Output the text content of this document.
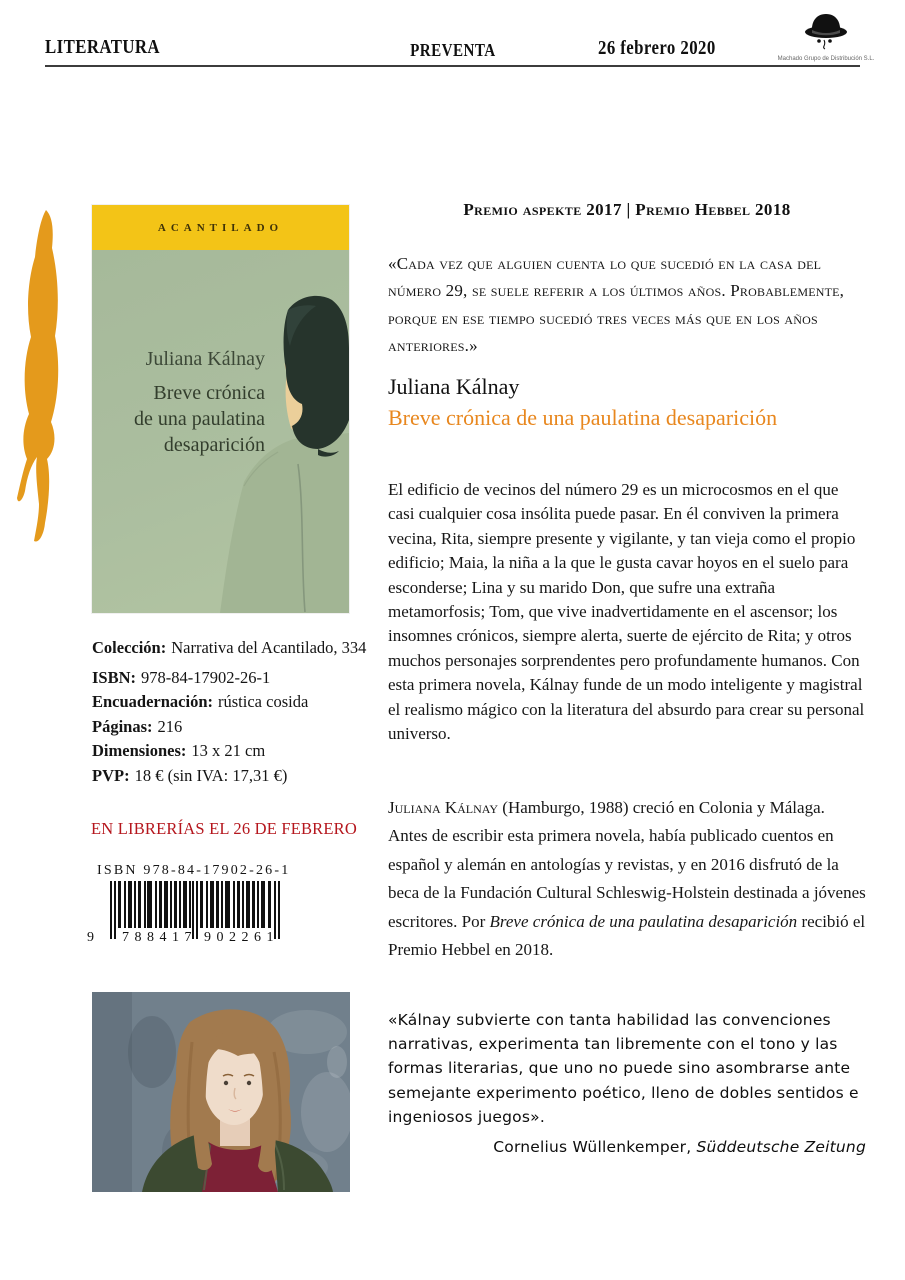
LITERATURA	PREVENTA	26 febrero 2020	Machado Grupo de Distribución S.L.
ACANTILADO
Juliana Kálnay
Breve crónica
de una paulatina
desaparición
Premio aspekte 2017 | Premio Hebbel 2018
«Cada vez que alguien cuenta lo que sucedió en la casa del número 29, se suele referir a los últimos años. Probablemente, porque en ese tiempo sucedió tres veces más que en los años anteriores.»
Juliana Kálnay
Breve crónica de una paulatina desaparición
El edificio de vecinos del número 29 es un microcosmos en el que casi cualquier cosa insólita puede pasar. En él conviven la primera vecina, Rita, siempre presente y vigilante, y tan vieja como el propio edificio; Maia, la niña a la que le gusta cavar hoyos en el suelo para esconderse; Lina y su marido Don, que sufre una extraña metamorfosis; Tom, que vive inadvertidamente en el ascensor; los insomnes crónicos, siempre alerta, suerte de ejército de Rita; y otros muchos personajes sorprendentes pero profundamente humanos. Con esta primera novela, Kálnay funde de un modo inteligente y magistral el realismo mágico con la literatura del absurdo para crear su personal universo.
Juliana Kálnay (Hamburgo, 1988) creció en Colonia y Málaga. Antes de escribir esta primera novela, había publicado cuentos en español y alemán en antologías y revistas, y en 2016 disfrutó de la beca de la Fundación Cultural Schleswig-Holstein destinada a jóvenes escritores. Por Breve crónica de una paulatina desaparición recibió el Premio Hebbel en 2018.
«Kálnay subvierte con tanta habilidad las convenciones narrativas, experimenta tan libremente con el tono y las formas literarias, que uno no puede sino asombrarse ante semejante experimento poético, lleno de dobles sentidos e ingeniosos juegos».
Cornelius Wüllenkemper, Süddeutsche Zeitung
Colección: Narrativa del Acantilado, 334
ISBN: 978-84-17902-26-1
Encuadernación: rústica cosida
Páginas: 216
Dimensiones: 13 x 21 cm
PVP: 18 € (sin IVA: 17,31 €)
EN LIBRERÍAS EL 26 DE FEBRERO
ISBN 978-84-17902-26-1
9 788417 902261
